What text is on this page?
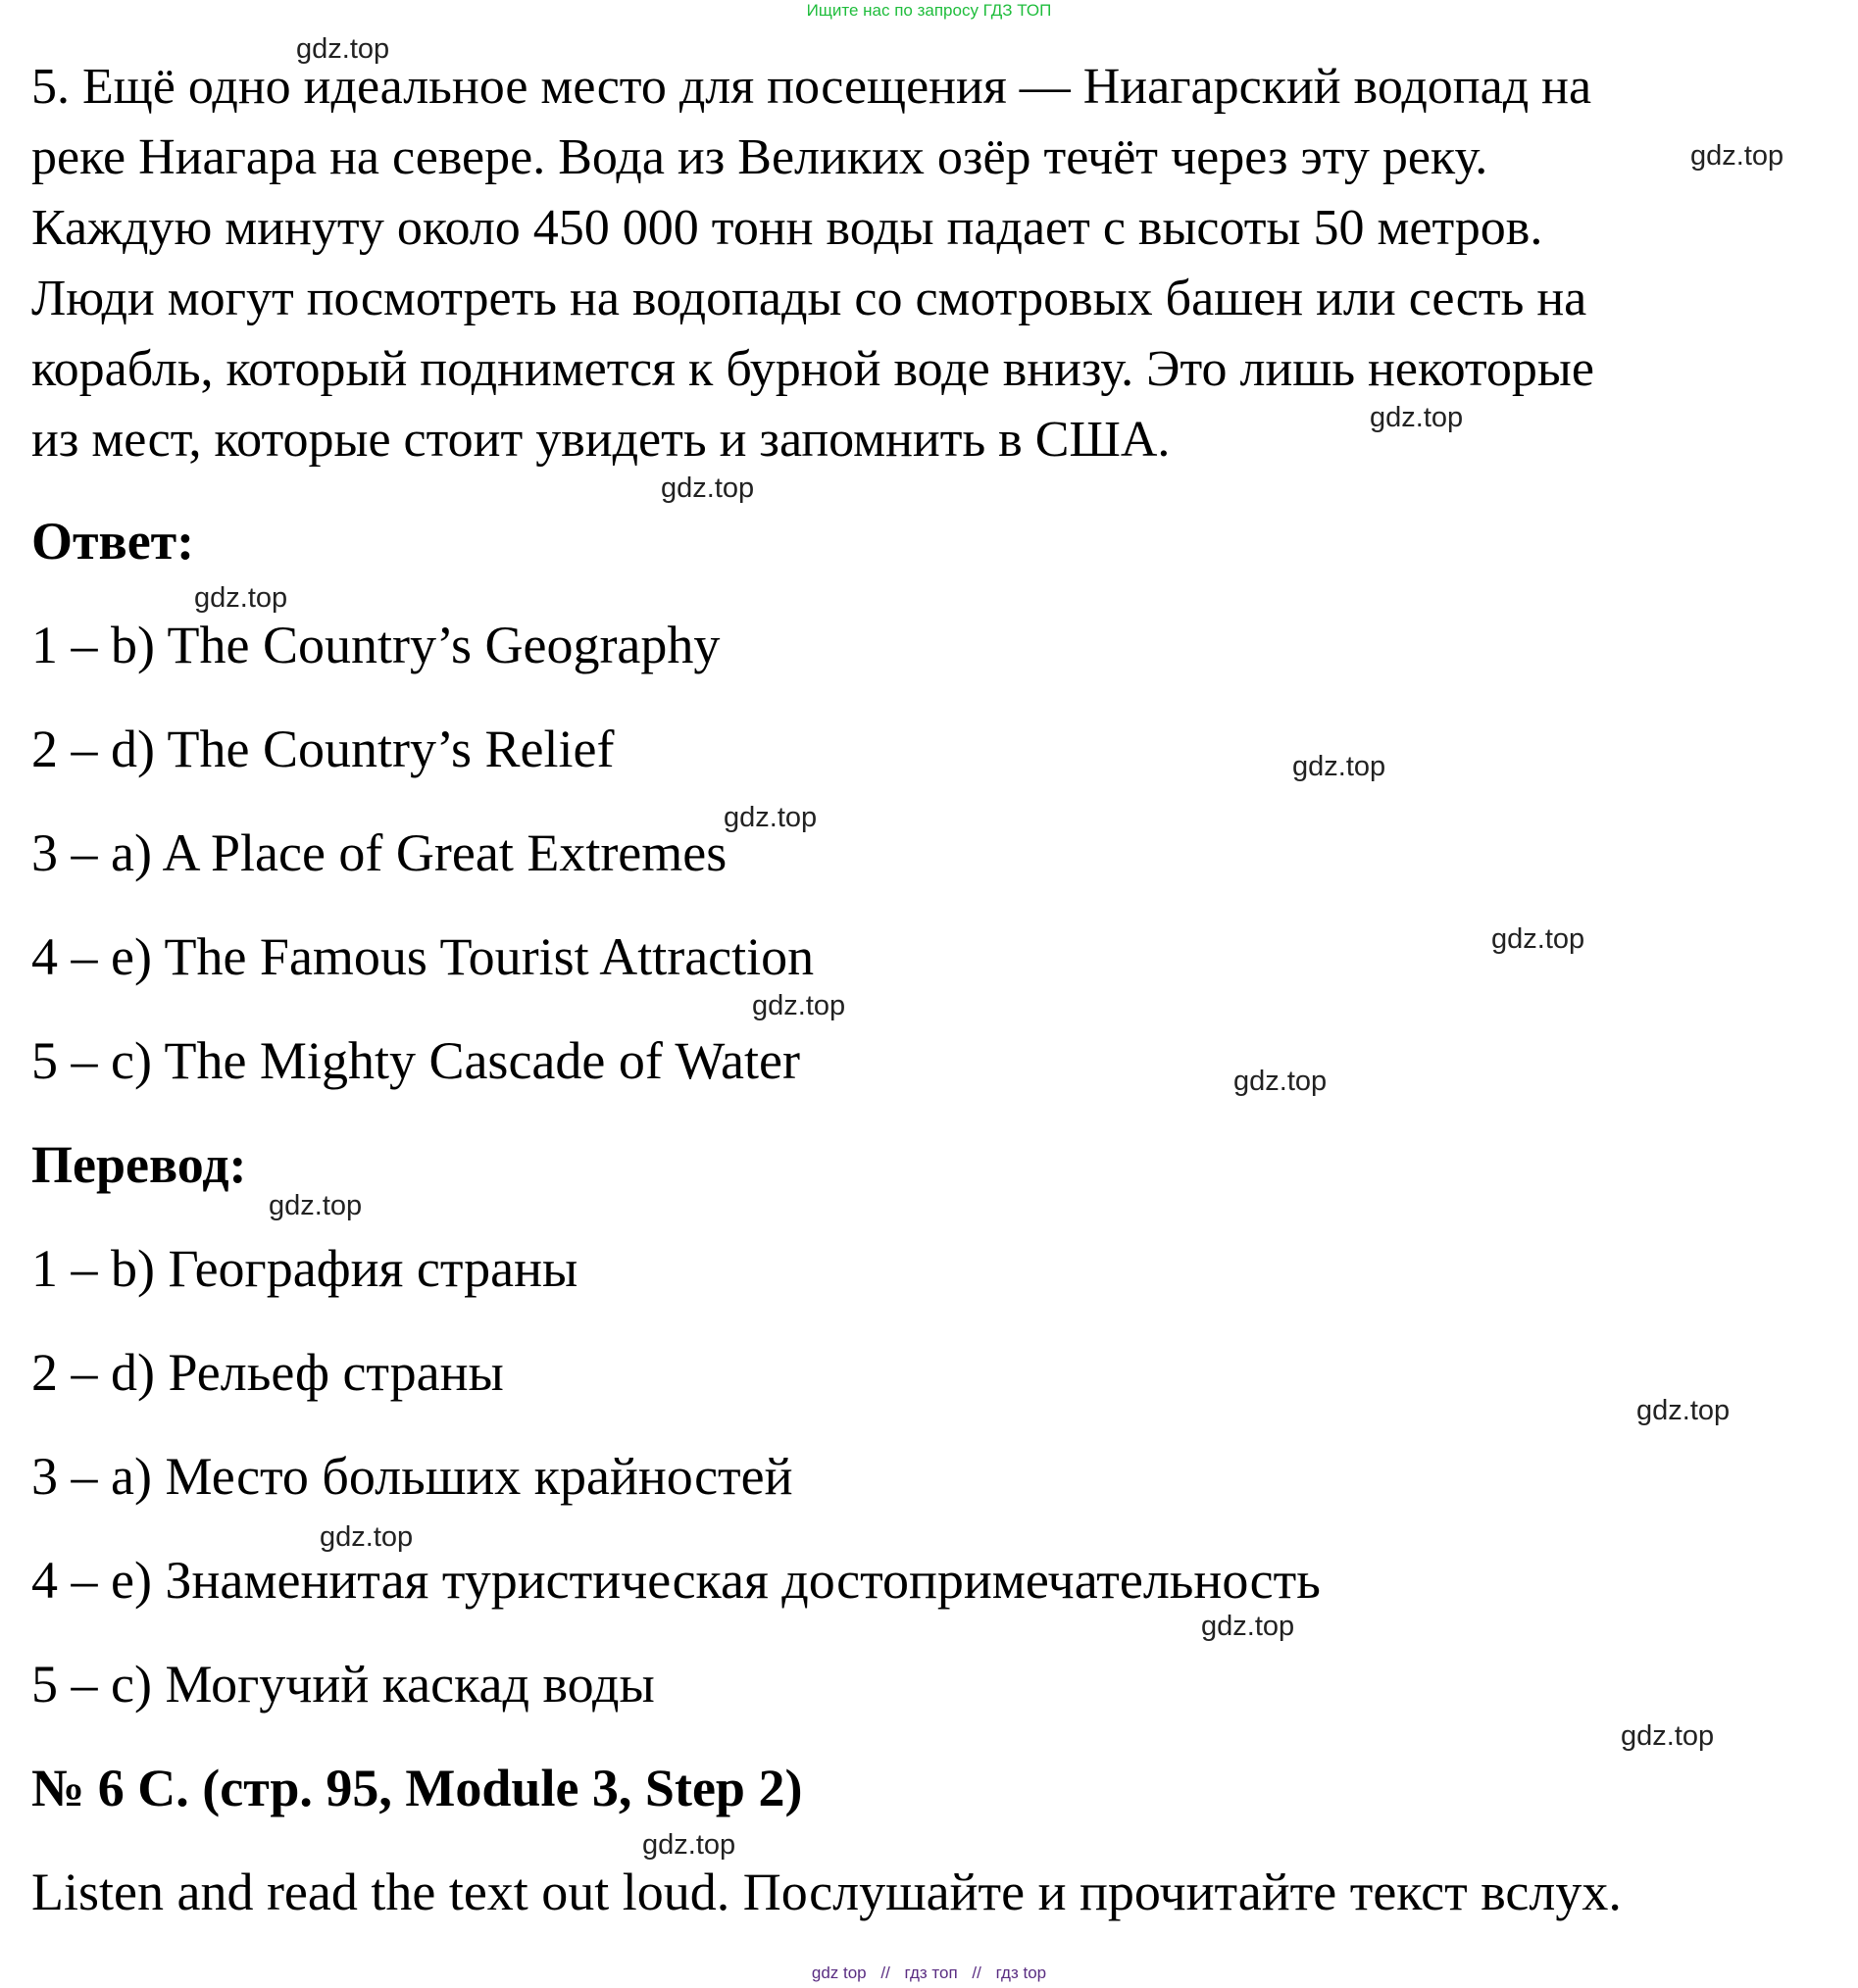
Ищите нас по запросу ГДЗ ТОП

5. Ещё одно идеальное место для посещения — Ниагарский водопад на
реке Ниагара на севере. Вода из Великих озёр течёт через эту реку.
Каждую минуту около 450 000 тонн воды падает с высоты 50 метров.
Люди могут посмотреть на водопады со смотровых башен или сесть на
корабль, который поднимется к бурной воде внизу. Это лишь некоторые
из мест, которые стоит увидеть и запомнить в США.

Ответ:

1 – b) The Country’s Geography

2 – d) The Country’s Relief

3 – a) A Place of Great Extremes

4 – e) The Famous Tourist Attraction

5 – c) The Mighty Cascade of Water

Перевод:

1 – b) География страны

2 – d) Рельеф страны

3 – a) Место больших крайностей

4 – e) Знаменитая туристическая достопримечательность

5 – c) Могучий каскад воды

№ 6 C. (стр. 95, Module 3, Step 2)

Listen and read the text out loud. Послушайте и прочитайте текст вслух.

gdz.top
gdz.top
gdz.top
gdz.top
gdz.top
gdz.top
gdz.top
gdz.top
gdz.top
gdz.top
gdz.top
gdz.top
gdz.top
gdz.top
gdz.top
gdz.top
gdz top // гдз топ // гдз top
